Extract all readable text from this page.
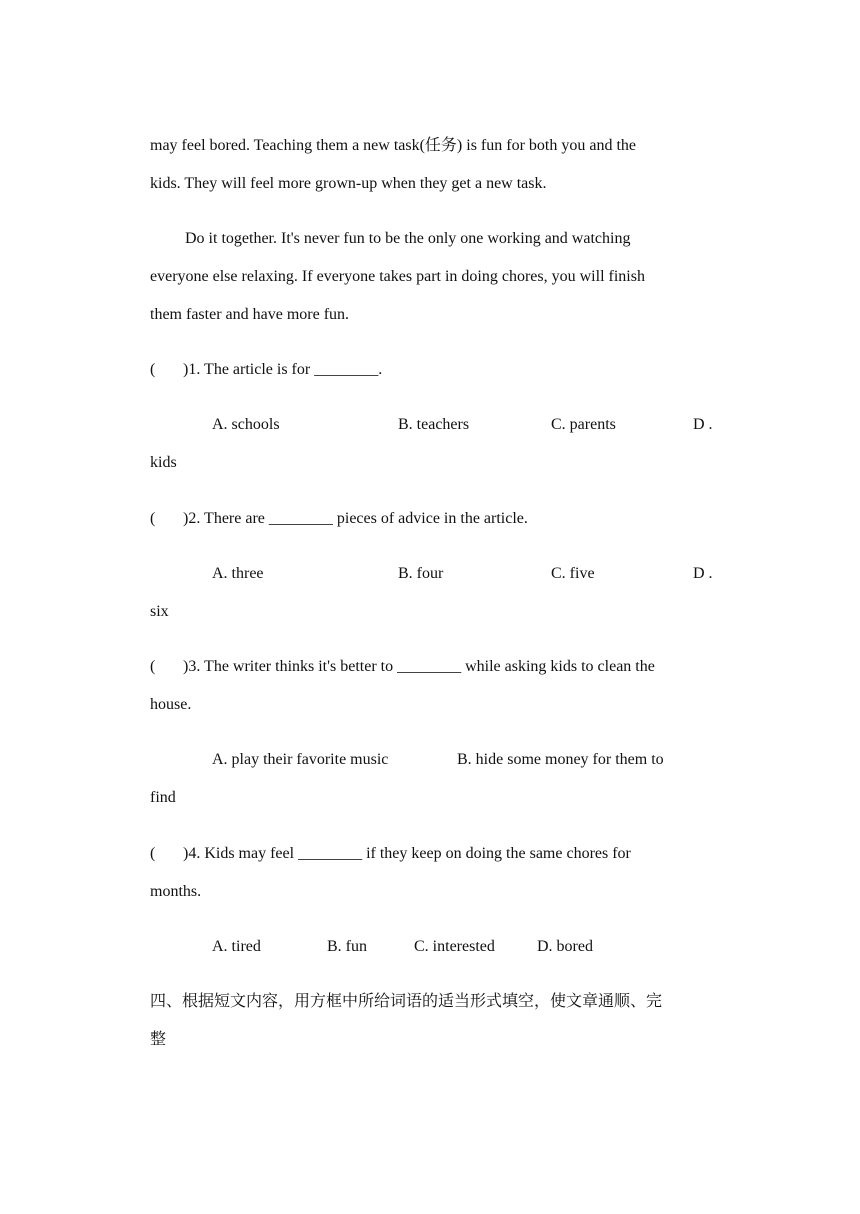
may feel bored. Teaching them a new task(任务) is fun for both you and the
kids. They will feel more grown-up when they get a new task.
Do it together. It's never fun to be the only one working and watching
everyone else relaxing. If everyone takes part in doing chores, you will finish
them faster and have more fun.
( )1. The article is for ________.
A. schools	B. teachers	C. parents	D .
kids
( )2. There are ________ pieces of advice in the article.
A. three	B. four	C. five	D .
six
( )3. The writer thinks it's better to ________ while asking kids to clean the
house.
A. play their favorite music	B. hide some money for them to
find
( )4. Kids may feel ________ if they keep on doing the same chores for
months.
A. tired	B. fun	C. interested	D. bored
四、根据短文内容，用方框中所给词语的适当形式填空，使文章通顺、完
整
